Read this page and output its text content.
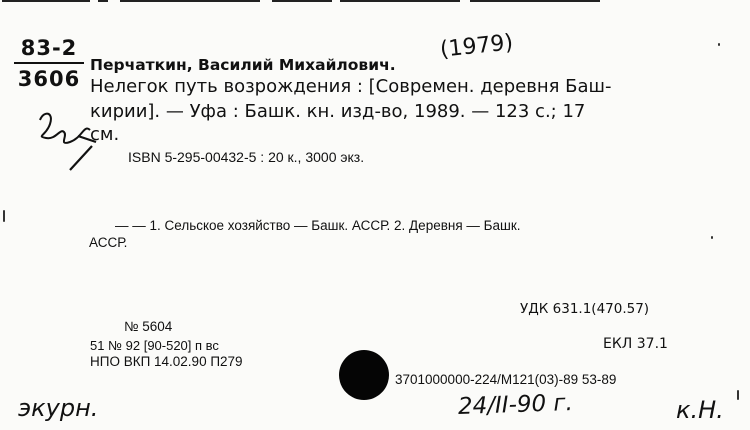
83-2
3606
(1979)
Перчаткин, Василий Михайлович.
Нелегок путь возрождения : [Современ. деревня Баш-
кирии]. — Уфа : Башк. кн. изд-во, 1989. — 123 с.; 17
см.
ISBN 5-295-00432-5 : 20 к., 3000 экз.
— — 1. Сельское хозяйство — Башк. АССР. 2. Деревня — Башк.
АССР.
УДК 631.1(470.57)
№ 5604
51 № 92 [90-520] п вс
НПО ВКП 14.02.90 П279
ЕКЛ 37.1
3701000000-224/М121(03)-89 53-89
экурн.	24/II-90 г.	к.Н.
